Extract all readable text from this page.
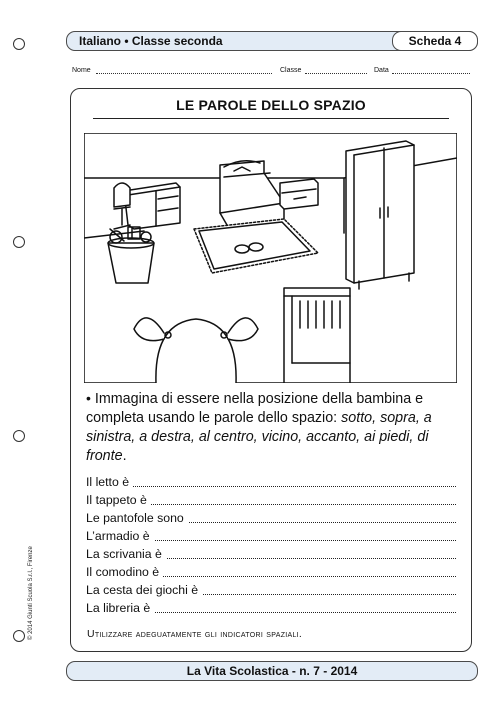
Italiano • Classe seconda	Scheda 4
Nome	Classe	Data
LE PAROLE DELLO SPAZIO
• Immagina di essere nella posizione della bambina e completa usando le parole dello spazio: sotto, sopra, a sinistra, a destra, al centro, vicino, accanto, ai piedi, di fronte.
Il letto è
Il tappeto è
Le pantofole sono
L’armadio è
La scrivania è
Il comodino è
La cesta dei giochi è
La libreria è
Utilizzare adeguatamente gli indicatori spaziali.
© 2014 Giunti Scuola S.r.l., Firenze
La Vita Scolastica - n. 7 - 2014
